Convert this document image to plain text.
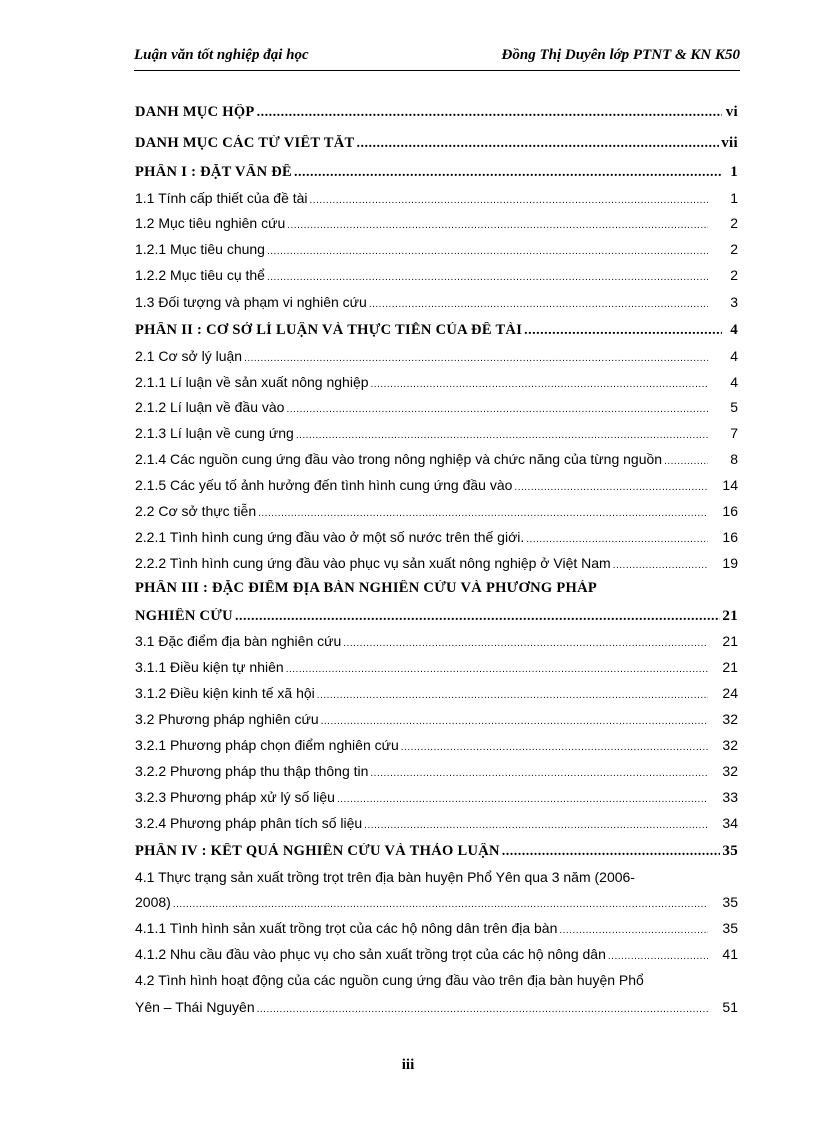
Luận văn tốt nghiệp đại học	Đồng Thị Duyên lớp PTNT & KN K50
DANH MỤC HỘP .....	vi
DANH MỤC CÁC TỪ VIẾT TẮT .....	vii
PHẦN I : ĐẶT VẤN ĐỀ .....	1
1.1 Tính cấp thiết của đề tài .....	1
1.2 Mục tiêu nghiên cứu .....	2
1.2.1 Mục tiêu chung .....	2
1.2.2 Mục tiêu cụ thể .....	2
1.3 Đối tượng và phạm vi nghiên cứu .....	3
PHẦN II : CƠ SỞ LÍ LUẬN VÀ THỰC TIỄN CỦA ĐỀ TÀI .....	4
2.1 Cơ sở lý luận .....	4
2.1.1 Lí luận về sản xuất nông nghiệp .....	4
2.1.2 Lí luận về đầu vào .....	5
2.1.3 Lí luận về cung ứng .....	7
2.1.4 Các nguồn cung ứng đầu vào trong nông nghiệp và chức năng của từng nguồn .....	8
2.1.5 Các yếu tố ảnh hưởng đến tình hình cung ứng đầu vào .....	14
2.2 Cơ sở thực tiễn .....	16
2.2.1 Tình hình cung ứng đầu vào ở một số nước trên thế giới. .....	16
2.2.2 Tình hình cung ứng đầu vào phục vụ sản xuất nông nghiệp ở Việt Nam .....	19
PHẦN III : ĐẶC ĐIỂM ĐỊA BÀN NGHIÊN CỨU VÀ PHƯƠNG PHÁP
NGHIÊN CỨU .....	21
3.1 Đặc điểm địa bàn nghiên cứu .....	21
3.1.1 Điều kiện tự nhiên .....	21
3.1.2 Điều kiện kinh tế xã hội .....	24
3.2 Phương pháp nghiên cứu .....	32
3.2.1 Phương pháp chọn điểm nghiên cứu .....	32
3.2.2 Phương pháp thu thập thông tin .....	32
3.2.3 Phương pháp xử lý số liệu .....	33
3.2.4 Phương pháp phân tích số liệu .....	34
PHẦN IV : KẾT QUẢ NGHIÊN CỨU VÀ THẢO LUẬN .....	35
4.1 Thực trạng sản xuất trồng trọt trên địa bàn huyện Phổ Yên qua 3 năm (2006-
2008) .....	35
4.1.1 Tình hình sản xuất trồng trọt của các hộ nông dân trên địa bàn .....	35
4.1.2 Nhu cầu đầu vào phục vụ cho sản xuất trồng trọt của các hộ nông dân .....	41
4.2 Tình hình hoạt động của các nguồn cung ứng đầu vào trên địa bàn huyện Phổ
Yên – Thái Nguyên .....	51
iii
